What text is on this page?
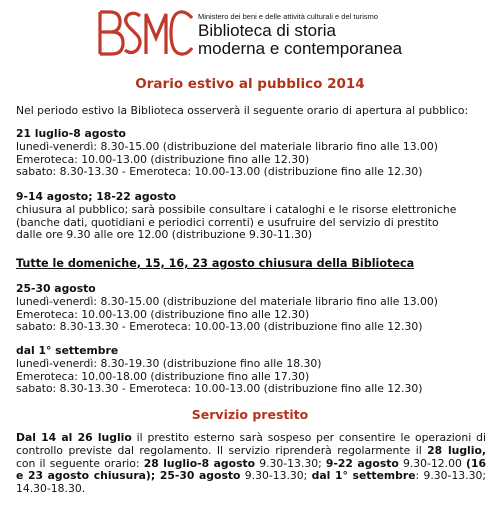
Ministero dei beni e delle attività culturali e del turismo
Biblioteca di storia
moderna e contemporanea
Orario estivo al pubblico 2014
Nel periodo estivo la Biblioteca osserverà il seguente orario di apertura al pubblico:
21 luglio-8 agosto
lunedì-venerdì: 8.30-15.00 (distribuzione del materiale librario fino alle 13.00)
Emeroteca: 10.00-13.00 (distribuzione fino alle 12.30)
sabato: 8.30-13.30 - Emeroteca: 10.00-13.00 (distribuzione fino alle 12.30)
9-14 agosto; 18-22 agosto
chiusura al pubblico; sarà possibile consultare i cataloghi e le risorse elettroniche
(banche dati, quotidiani e periodici correnti) e usufruire del servizio di prestito
dalle ore 9.30 alle ore 12.00 (distribuzione 9.30-11.30)
Tutte le domeniche, 15, 16, 23 agosto chiusura della Biblioteca
25-30 agosto
lunedì-venerdì: 8.30-15.00 (distribuzione del materiale librario fino alle 13.00)
Emeroteca: 10.00-13.00 (distribuzione fino alle 12.30)
sabato: 8.30-13.30 - Emeroteca: 10.00-13.00 (distribuzione fino alle 12.30)
dal 1° settembre
lunedì-venerdì: 8.30-19.30 (distribuzione fino alle 18.30)
Emeroteca: 10.00-18.00 (distribuzione fino alle 17.30)
sabato: 8.30-13.30 - Emeroteca: 10.00-13.00 (distribuzione fino alle 12.30)
Servizio prestito
Dal 14 al 26 luglio il prestito esterno sarà sospeso per consentire le operazioni di controllo previste dal regolamento. Il servizio riprenderà regolarmente il 28 luglio, con il seguente orario: 28 luglio-8 agosto 9.30-13.30; 9-22 agosto 9.30-12.00 (16 e 23 agosto chiusura); 25-30 agosto 9.30-13.30; dal 1° settembre: 9.30-13.30; 14.30-18.30.
